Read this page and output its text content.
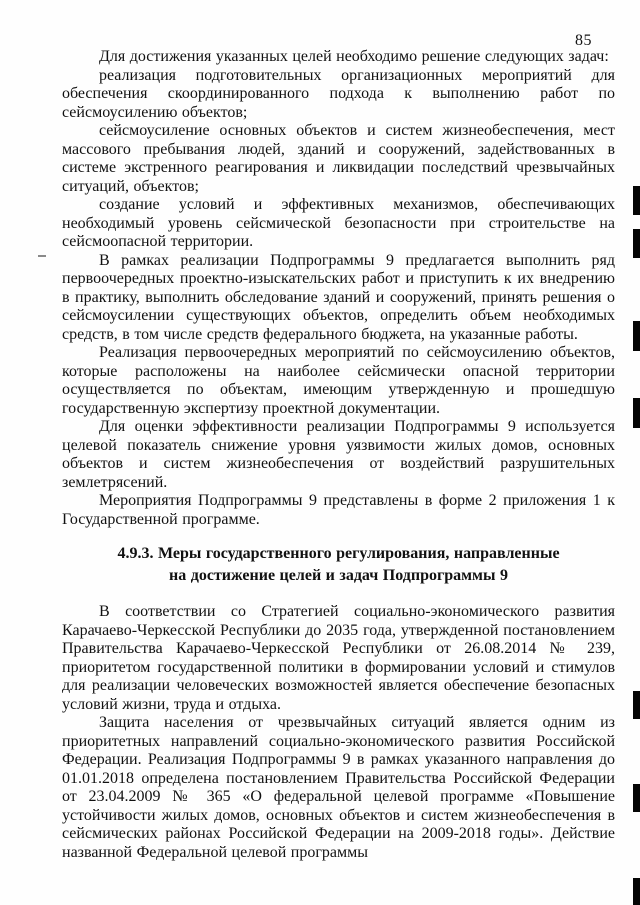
85

Для достижения указанных целей необходимо решение следующих задач:

реализация подготовительных организационных мероприятий для обеспечения скоординированного подхода к выполнению работ по сейсмоусилению объектов;

сейсмоусиление основных объектов и систем жизнеобеспечения, мест массового пребывания людей, зданий и сооружений, задействованных в системе экстренного реагирования и ликвидации последствий чрезвычайных ситуаций, объектов;

создание условий и эффективных механизмов, обеспечивающих необходимый уровень сейсмической безопасности при строительстве на сейсмоопасной территории.

В рамках реализации Подпрограммы 9 предлагается выполнить ряд первоочередных проектно-изыскательских работ и приступить к их внедрению в практику, выполнить обследование зданий и сооружений, принять решения о сейсмоусилении существующих объектов, определить объем необходимых средств, в том числе средств федерального бюджета, на указанные работы.

Реализация первоочередных мероприятий по сейсмоусилению объектов, которые расположены на наиболее сейсмически опасной территории осуществляется по объектам, имеющим утвержденную и прошедшую государственную экспертизу проектной документации.

Для оценки эффективности реализации Подпрограммы 9 используется целевой показатель снижение уровня уязвимости жилых домов, основных объектов и систем жизнеобеспечения от воздействий разрушительных землетрясений.

Мероприятия Подпрограммы 9 представлены в форме 2 приложения 1 к Государственной программе.

4.9.3. Меры государственного регулирования, направленные
на достижение целей и задач Подпрограммы 9

В соответствии со Стратегией социально-экономического развития Карачаево-Черкесской Республики до 2035 года, утвержденной постановлением Правительства Карачаево-Черкесской Республики от 26.08.2014 № 239, приоритетом государственной политики в формировании условий и стимулов для реализации человеческих возможностей является обеспечение безопасных условий жизни, труда и отдыха.

Защита населения от чрезвычайных ситуаций является одним из приоритетных направлений социально-экономического развития Российской Федерации. Реализация Подпрограммы 9 в рамках указанного направления до 01.01.2018 определена постановлением Правительства Российской Федерации от 23.04.2009 № 365 «О федеральной целевой программе «Повышение устойчивости жилых домов, основных объектов и систем жизнеобеспечения в сейсмических районах Российской Федерации на 2009-2018 годы». Действие названной Федеральной целевой программы
